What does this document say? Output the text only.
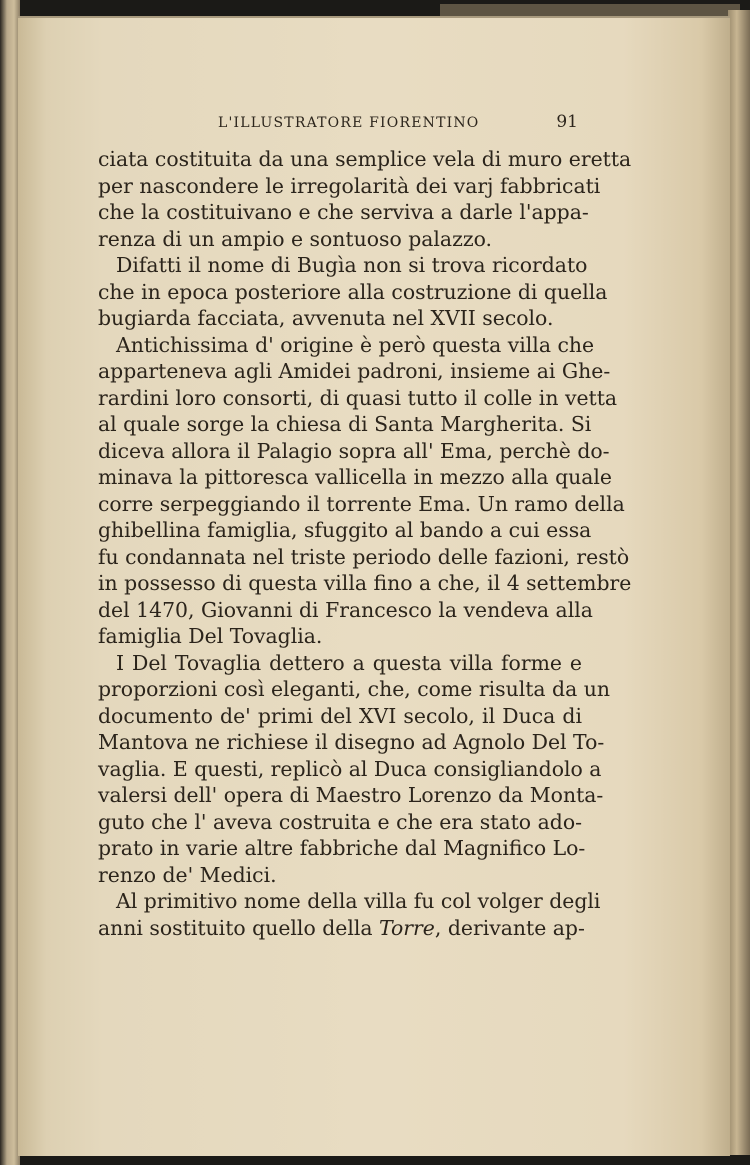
L'ILLUSTRATORE FIORENTINO	91

ciata costituita da una semplice vela di muro eretta
per nascondere le irregolarità dei varj fabbricati
che la costituivano e che serviva a darle l'appa-
renza di un ampio e sontuoso palazzo.

Difatti il nome di Bugìa non si trova ricordato
che in epoca posteriore alla costruzione di quella
bugiarda facciata, avvenuta nel XVII secolo.

Antichissima d' origine è però questa villa che
apparteneva agli Amidei padroni, insieme ai Ghe-
rardini loro consorti, di quasi tutto il colle in vetta
al quale sorge la chiesa di Santa Margherita. Si
diceva allora il Palagio sopra all' Ema, perchè do-
minava la pittoresca vallicella in mezzo alla quale
corre serpeggiando il torrente Ema. Un ramo della
ghibellina famiglia, sfuggito al bando a cui essa
fu condannata nel triste periodo delle fazioni, restò
in possesso di questa villa fino a che, il 4 settembre
del 1470, Giovanni di Francesco la vendeva alla
famiglia Del Tovaglia.

I Del Tovaglia dettero a questa villa forme e
proporzioni così eleganti, che, come risulta da un
documento de' primi del XVI secolo, il Duca di
Mantova ne richiese il disegno ad Agnolo Del To-
vaglia. E questi, replicò al Duca consigliandolo a
valersi dell' opera di Maestro Lorenzo da Monta-
guto che l' aveva costruita e che era stato ado-
prato in varie altre fabbriche dal Magnifico Lo-
renzo de' Medici.

Al primitivo nome della villa fu col volger degli
anni sostituito quello della Torre, derivante ap-
